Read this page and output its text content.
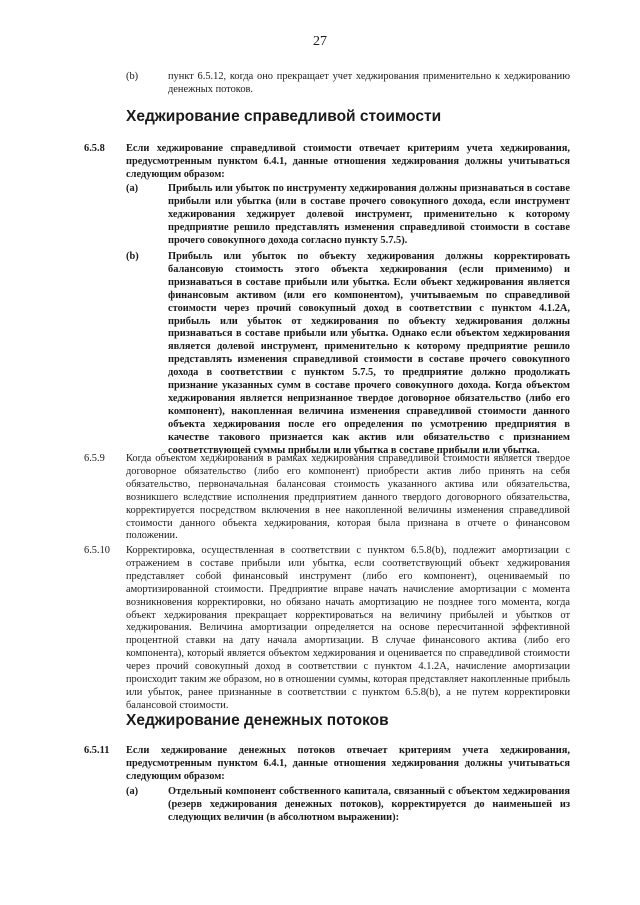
27
(b)	пункт 6.5.12, когда оно прекращает учет хеджирования применительно к хеджированию денежных потоков.
Хеджирование справедливой стоимости
6.5.8 Если хеджирование справедливой стоимости отвечает критериям учета хеджирования, предусмотренным пунктом 6.4.1, данные отношения хеджирования должны учитываться следующим образом:
(a)	Прибыль или убыток по инструменту хеджирования должны признаваться в составе прибыли или убытка (или в составе прочего совокупного дохода, если инструмент хеджирования хеджирует долевой инструмент, применительно к которому предприятие решило представлять изменения справедливой стоимости в составе прочего совокупного дохода согласно пункту 5.7.5).
(b)	Прибыль или убыток по объекту хеджирования должны корректировать балансовую стоимость этого объекта хеджирования (если применимо) и признаваться в составе прибыли или убытка. Если объект хеджирования является финансовым активом (или его компонентом), учитываемым по справедливой стоимости через прочий совокупный доход в соответствии с пунктом 4.1.2А, прибыль или убыток от хеджирования по объекту хеджирования должны признаваться в составе прибыли или убытка. Однако если объектом хеджирования является долевой инструмент, применительно к которому предприятие решило представлять изменения справедливой стоимости в составе прочего совокупного дохода в соответствии с пунктом 5.7.5, то предприятие должно продолжать признание указанных сумм в составе прочего совокупного дохода. Когда объектом хеджирования является непризнанное твердое договорное обязательство (либо его компонент), накопленная величина изменения справедливой стоимости данного объекта хеджирования после его определения по усмотрению предприятия в качестве такового признается как актив или обязательство с признанием соответствующей суммы прибыли или убытка в составе прибыли или убытка.
6.5.9 Когда объектом хеджирования в рамках хеджирования справедливой стоимости является твердое договорное обязательство (либо его компонент) приобрести актив либо принять на себя обязательство, первоначальная балансовая стоимость указанного актива или обязательства, возникшего вследствие исполнения предприятием данного твердого договорного обязательства, корректируется посредством включения в нее накопленной величины изменения справедливой стоимости данного объекта хеджирования, которая была признана в отчете о финансовом положении.
6.5.10 Корректировка, осуществленная в соответствии с пунктом 6.5.8(b), подлежит амортизации с отражением в составе прибыли или убытка, если соответствующий объект хеджирования представляет собой финансовый инструмент (либо его компонент), оцениваемый по амортизированной стоимости. Предприятие вправе начать начисление амортизации с момента возникновения корректировки, но обязано начать амортизацию не позднее того момента, когда объект хеджирования прекращает корректироваться на величину прибылей и убытков от хеджирования. Величина амортизации определяется на основе пересчитанной эффективной процентной ставки на дату начала амортизации. В случае финансового актива (либо его компонента), который является объектом хеджирования и оценивается по справедливой стоимости через прочий совокупный доход в соответствии с пунктом 4.1.2А, начисление амортизации происходит таким же образом, но в отношении суммы, которая представляет накопленные прибыль или убыток, ранее признанные в соответствии с пунктом 6.5.8(b), а не путем корректировки балансовой стоимости.
Хеджирование денежных потоков
6.5.11 Если хеджирование денежных потоков отвечает критериям учета хеджирования, предусмотренным пунктом 6.4.1, данные отношения хеджирования должны учитываться следующим образом:
(a)	Отдельный компонент собственного капитала, связанный с объектом хеджирования (резерв хеджирования денежных потоков), корректируется до наименьшей из следующих величин (в абсолютном выражении):
